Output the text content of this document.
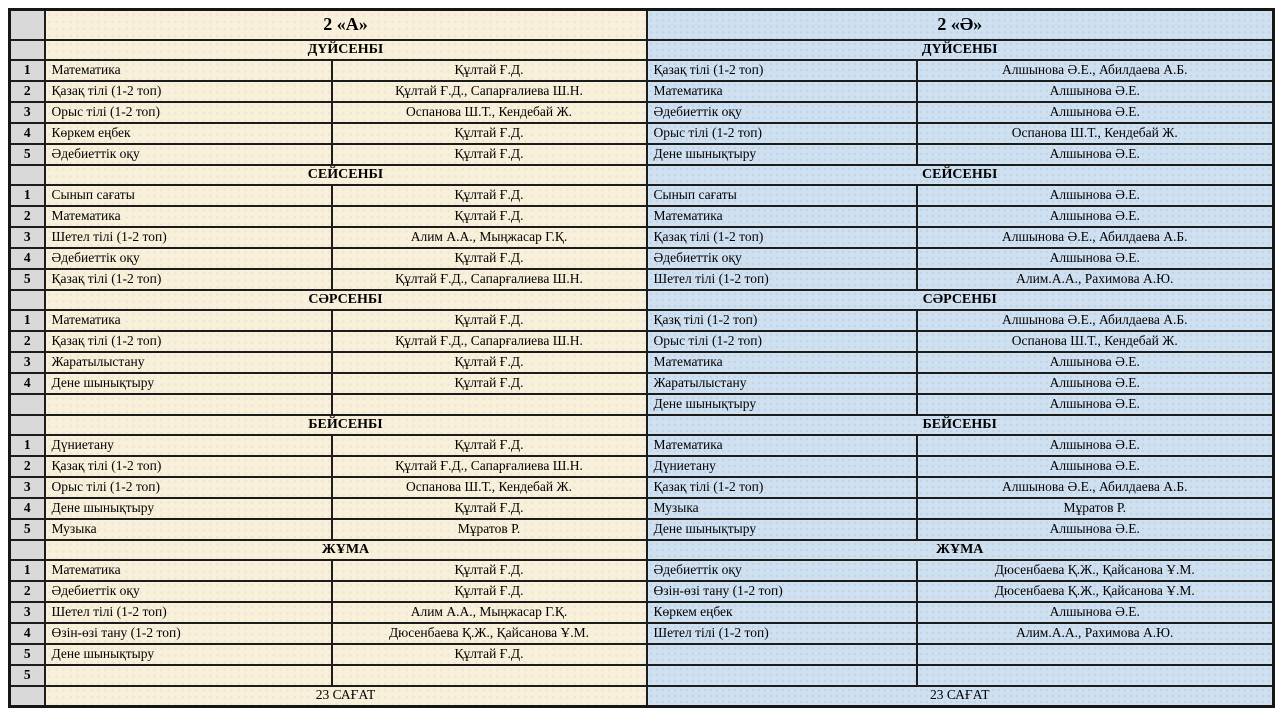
	2 «А»		2 «Ә»	
	ДҮЙСЕНБІ		ДҮЙСЕНБІ	
1	Математика	Құлтай Ғ.Д.	Қазақ тілі (1-2 топ)	Алшынова Ә.Е., Абилдаева А.Б.
2	Қазақ тілі (1-2 топ)	Құлтай Ғ.Д., Сапарғалиева Ш.Н.	Математика	Алшынова Ә.Е.
3	Орыс тілі (1-2 топ)	Оспанова Ш.Т., Кендебай Ж.	Әдебиеттік оқу	Алшынова Ә.Е.
4	Көркем еңбек	Құлтай Ғ.Д.	Орыс тілі (1-2 топ)	Оспанова Ш.Т., Кендебай Ж.
5	Әдебиеттік оқу	Құлтай Ғ.Д.	Дене шынықтыру	Алшынова Ә.Е.
	СЕЙСЕНБІ		СЕЙСЕНБІ	
1	Сынып сағаты	Құлтай Ғ.Д.	Сынып сағаты	Алшынова Ә.Е.
2	Математика	Құлтай Ғ.Д.	Математика	Алшынова Ә.Е.
3	Шетел тілі (1-2 топ)	Алим А.А., Мыңжасар Г.Қ.	Қазақ тілі (1-2 топ)	Алшынова Ә.Е., Абилдаева А.Б.
4	Әдебиеттік оқу	Құлтай Ғ.Д.	Әдебиеттік оқу	Алшынова Ә.Е.
5	Қазақ тілі (1-2 топ)	Құлтай Ғ.Д., Сапарғалиева Ш.Н.	Шетел тілі (1-2 топ)	Алим.А.А., Рахимова А.Ю.
	СӘРСЕНБІ		СӘРСЕНБІ	
1	Математика	Құлтай Ғ.Д.	Қазқ тілі (1-2 топ)	Алшынова Ә.Е., Абилдаева А.Б.
2	Қазақ тілі (1-2 топ)	Құлтай Ғ.Д., Сапарғалиева Ш.Н.	Орыс тілі (1-2 топ)	Оспанова Ш.Т., Кендебай Ж.
3	Жаратылыстану	Құлтай Ғ.Д.	Математика	Алшынова Ә.Е.
4	Дене шынықтыру	Құлтай Ғ.Д.	Жаратылыстану	Алшынова Ә.Е.
			Дене шынықтыру	Алшынова Ә.Е.
	БЕЙСЕНБІ		БЕЙСЕНБІ	
1	Дүниетану	Құлтай Ғ.Д.	Математика	Алшынова Ә.Е.
2	Қазақ тілі (1-2 топ)	Құлтай Ғ.Д., Сапарғалиева Ш.Н.	Дүниетану	Алшынова Ә.Е.
3	Орыс тілі (1-2 топ)	Оспанова Ш.Т., Кендебай Ж.	Қазақ тілі (1-2 топ)	Алшынова Ә.Е., Абилдаева А.Б.
4	Дене шынықтыру	Құлтай Ғ.Д.	Музыка	Мұратов Р.
5	Музыка	Мұратов Р.	Дене шынықтыру	Алшынова Ә.Е.
	ЖҰМА		ЖҰМА	
1	Математика	Құлтай Ғ.Д.	Әдебиеттік оқу	Дюсенбаева Қ.Ж., Қайсанова Ұ.М.
2	Әдебиеттік оқу	Құлтай Ғ.Д.	Өзін-өзі тану (1-2 топ)	Дюсенбаева Қ.Ж., Қайсанова Ұ.М.
3	Шетел тілі (1-2 топ)	Алим А.А., Мыңжасар Г.Қ.	Көркем еңбек	Алшынова Ә.Е.
4	Өзін-өзі тану (1-2 топ)	Дюсенбаева Қ.Ж., Қайсанова Ұ.М.	Шетел тілі (1-2 топ)	Алим.А.А., Рахимова А.Ю.
5	Дене шынықтыру	Құлтай Ғ.Д.		
5				
	23 САҒАТ		23 САҒАТ	
